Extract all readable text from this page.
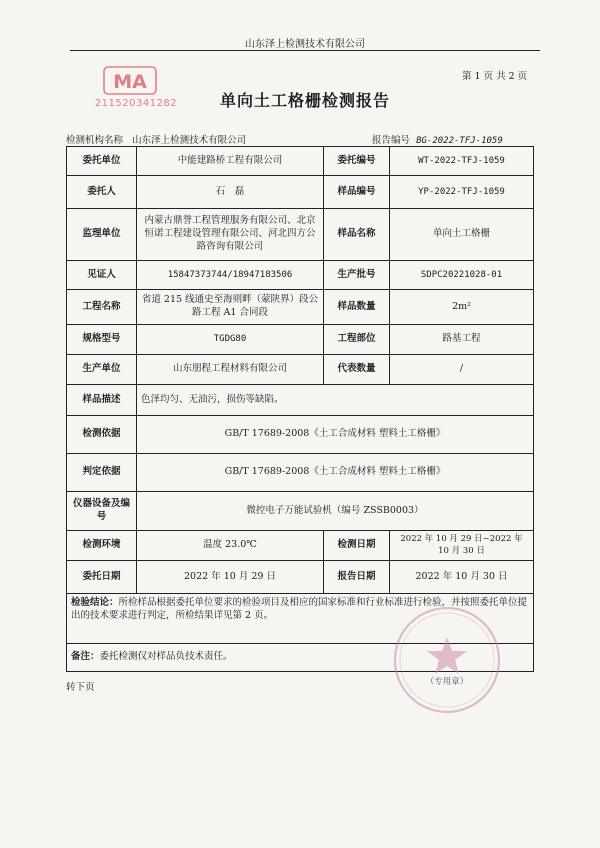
山东泽上检测技术有限公司
MA
211520341282
第 1 页 共 2 页
单向土工格栅检测报告
检测机构名称 山东泽上检测技术有限公司	报告编号 BG-2022-TFJ-1059
委托单位	中能建路桥工程有限公司	委托编号	WT-2022-TFJ-1059
委托人	石　磊	样品编号	YP-2022-TFJ-1059
监理单位	内蒙古鼎誉工程管理服务有限公司、北京恒诺工程建设管理有限公司、河北四方公路咨询有限公司	样品名称	单向土工格栅
见证人	15847373744/18947183506	生产批号	SDPC20221028-01
工程名称	省道 215 线通史至海则畔（蒙陕界）段公路工程 A1 合同段	样品数量	2m²
规格型号	TGDG80	工程部位	路基工程
生产单位	山东朋程工程材料有限公司	代表数量	/
样品描述	色泽均匀、无油污，损伤等缺陷。		
检测依据	GB/T 17689-2008《土工合成材料 塑料土工格栅》		
判定依据	GB/T 17689-2008《土工合成材料 塑料土工格栅》		
仪器设备及编号	微控电子万能试验机（编号 ZSSB0003）		
检测环境	温度 23.0℃	检测日期	2022 年 10 月 29 日~2022 年 10 月 30 日
委托日期	2022 年 10 月 29 日	报告日期	2022 年 10 月 30 日
检验结论：所检样品根据委托单位要求的检验项目及相应的国家标准和行业标准进行检验，并按照委托单位提出的技术要求进行判定，所检结果详见第 2 页。			
备注：委托检测仅对样品负技术责任。			
转下页	（专用章）
